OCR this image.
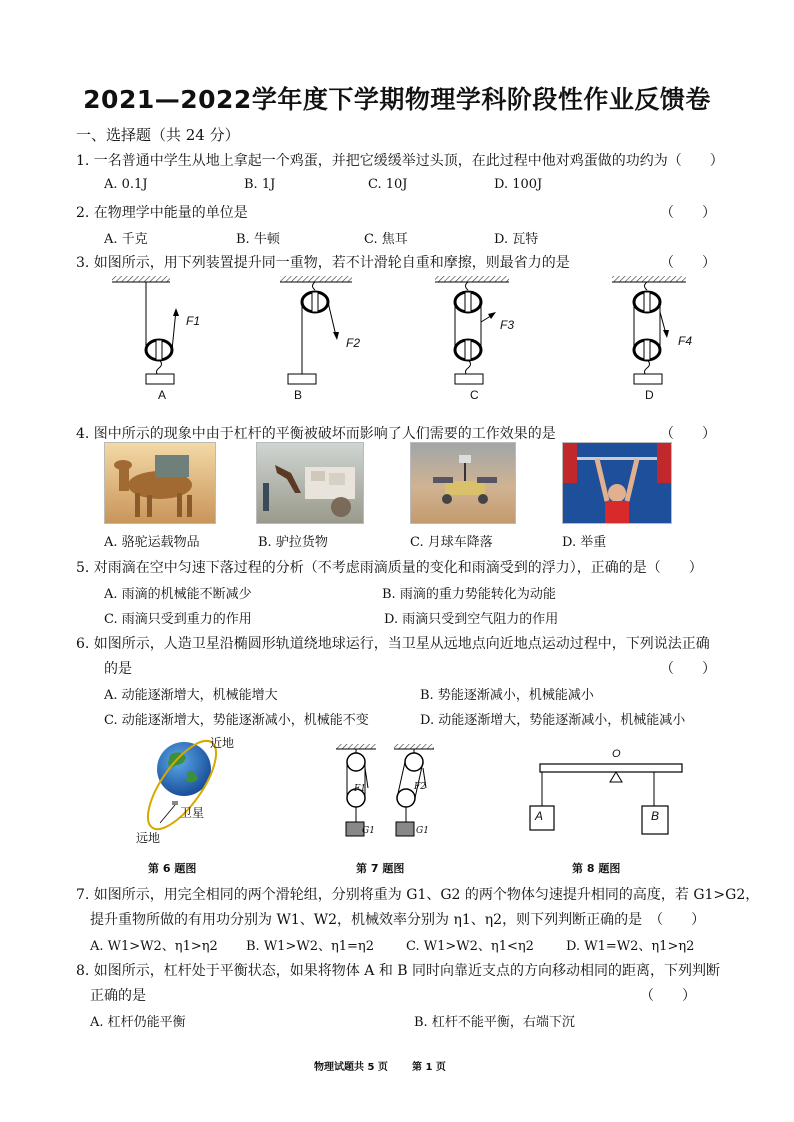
2021—2022学年度下学期物理学科阶段性作业反馈卷
一、选择题（共 24 分）
1. 一名普通中学生从地上拿起一个鸡蛋，并把它缓缓举过头顶，在此过程中他对鸡蛋做的功约为（　　）
A. 0.1J	B. 1J	C. 10J	D. 100J
2. 在物理学中能量的单位是	（　　）
A. 千克	B. 牛顿	C. 焦耳	D. 瓦特
3. 如图所示，用下列装置提升同一重物，若不计滑轮自重和摩擦，则最省力的是	（　　）
F1
F2
F3
F4
A	B	C	D
4. 图中所示的现象中由于杠杆的平衡被破坏而影响了人们需要的工作效果的是	（　　）
A. 骆驼运载物品	B. 驴拉货物	C. 月球车降落	D. 举重
5. 对雨滴在空中匀速下落过程的分析（不考虑雨滴质量的变化和雨滴受到的浮力），正确的是（　　）
A. 雨滴的机械能不断减少	B. 雨滴的重力势能转化为动能
C. 雨滴只受到重力的作用	D. 雨滴只受到空气阻力的作用
6. 如图所示，人造卫星沿椭圆形轨道绕地球运行，当卫星从远地点向近地点运动过程中，下列说法正确
的是	（　　）
A. 动能逐渐增大，机械能增大	B. 势能逐渐减小，机械能减小
C. 动能逐渐增大，势能逐渐减小，机械能不变	D. 动能逐渐增大，势能逐渐减小，机械能减小
近地
卫星
远地
F1	F2
G1	G1
O
A	B
第 6 题图	第 7 题图	第 8 题图
7. 如图所示，用完全相同的两个滑轮组，分别将重为 G1、G2 的两个物体匀速提升相同的高度，若 G1>G2，
提升重物所做的有用功分别为 W1、W2，机械效率分别为 η1、η2，则下列判断正确的是　（　　）
A. W1>W2、η1>η2 B. W1>W2、η1=η2 C. W1>W2、η1<η2 D. W1=W2、η1>η2
8. 如图所示，杠杆处于平衡状态，如果将物体 A 和 B 同时向靠近支点的方向移动相同的距离，下列判断
正确的是	（　　）
A. 杠杆仍能平衡	B. 杠杆不能平衡，右端下沉
物理试题共 5 页 第 1 页
